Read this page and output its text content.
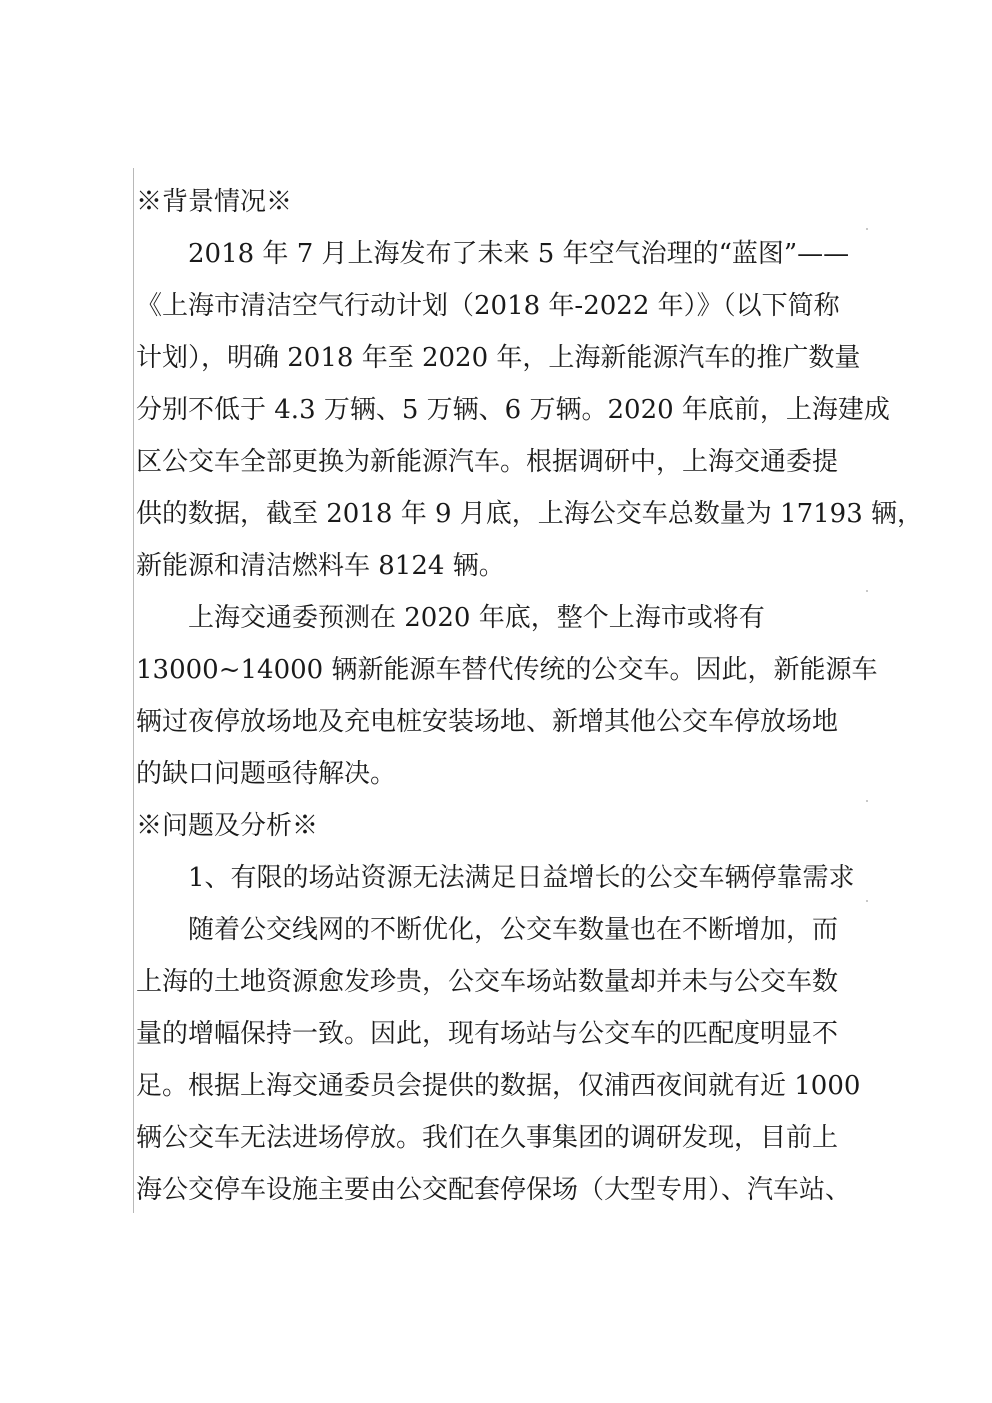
※背景情况※
2018 年 7 月上海发布了未来 5 年空气治理的“蓝图”——
《上海市清洁空气行动计划（2018 年-2022 年）》（以下简称
计划），明确 2018 年至 2020 年，上海新能源汽车的推广数量
分别不低于 4.3 万辆、5 万辆、6 万辆。2020 年底前，上海建成
区公交车全部更换为新能源汽车。根据调研中，上海交通委提
供的数据，截至 2018 年 9 月底，上海公交车总数量为 17193 辆，
新能源和清洁燃料车 8124 辆。
上海交通委预测在 2020 年底，整个上海市或将有
13000~14000 辆新能源车替代传统的公交车。因此，新能源车
辆过夜停放场地及充电桩安装场地、新增其他公交车停放场地
的缺口问题亟待解决。
※问题及分析※
1、有限的场站资源无法满足日益增长的公交车辆停靠需求
随着公交线网的不断优化，公交车数量也在不断增加，而
上海的土地资源愈发珍贵，公交车场站数量却并未与公交车数
量的增幅保持一致。因此，现有场站与公交车的匹配度明显不
足。根据上海交通委员会提供的数据，仅浦西夜间就有近 1000
辆公交车无法进场停放。我们在久事集团的调研发现，目前上
海公交停车设施主要由公交配套停保场（大型专用）、汽车站、
